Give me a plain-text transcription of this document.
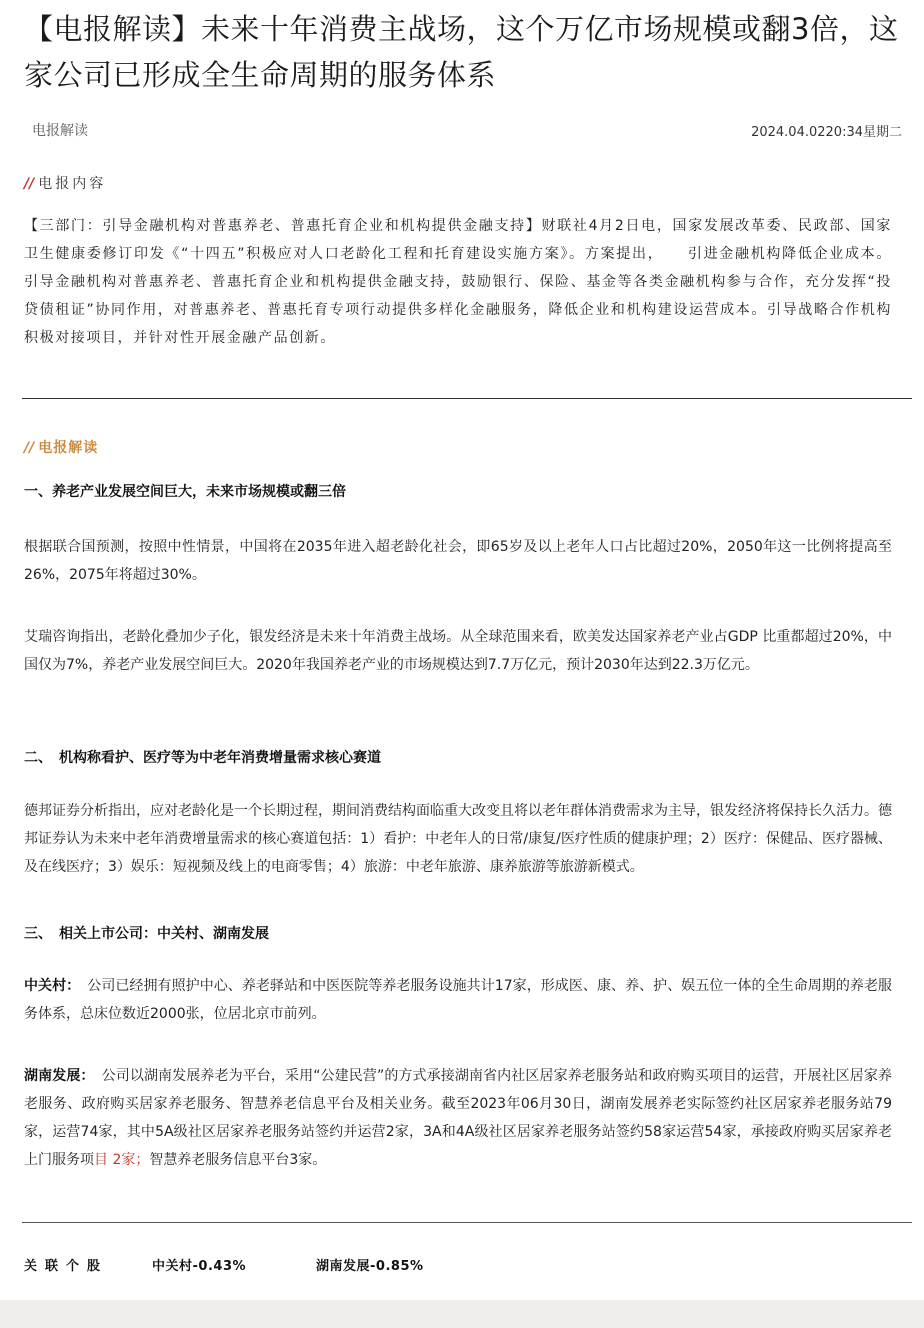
【电报解读】未来十年消费主战场，这个万亿市场规模或翻3倍，这家公司已形成全生命周期的服务体系
电报解读	2024.04.0220:34星期二
// 电报内容

【三部门：引导金融机构对普惠养老、普惠托育企业和机构提供金融支持】财联社4月2日电，国家发展改革委、民政部、国家卫生健康委修订印发《“十四五”积极应对人口老龄化工程和托育建设实施方案》。方案提出，　　引进金融机构降低企业成本。引导金融机构对普惠养老、普惠托育企业和机构提供金融支持，鼓励银行、保险、基金等各类金融机构参与合作，充分发挥“投贷债租证”协同作用，对普惠养老、普惠托育专项行动提供多样化金融服务，降低企业和机构建设运营成本。引导战略合作机构积极对接项目，并针对性开展金融产品创新。

// 电报解读
一、养老产业发展空间巨大，未来市场规模或翻三倍

根据联合国预测，按照中性情景，中国将在2035年进入超老龄化社会，即65岁及以上老年人口占比超过20%，2050年这一比例将提高至26%，2075年将超过30%。

艾瑞咨询指出，老龄化叠加少子化，银发经济是未来十年消费主战场。从全球范围来看，欧美发达国家养老产业占GDP 比重都超过20%，中国仅为7%，养老产业发展空间巨大。2020年我国养老产业的市场规模达到7.7万亿元，预计2030年达到22.3万亿元。

二、　机构称看护、医疗等为中老年消费增量需求核心赛道

德邦证券分析指出，应对老龄化是一个长期过程，期间消费结构面临重大改变且将以老年群体消费需求为主导，银发经济将保持长久活力。德邦证券认为未来中老年消费增量需求的核心赛道包括：1）看护：中老年人的日常/康复/医疗性质的健康护理；2）医疗：保健品、医疗器械、及在线医疗；3）娱乐：短视频及线上的电商零售；4）旅游：中老年旅游、康养旅游等旅游新模式。

三、　相关上市公司：中关村、湖南发展

中关村：　公司已经拥有照护中心、养老驿站和中医医院等养老服务设施共计17家，形成医、康、养、护、娱五位一体的全生命周期的养老服务体系，总床位数近2000张，位居北京市前列。

湖南发展：　公司以湖南发展养老为平台，采用“公建民营”的方式承接湖南省内社区居家养老服务站和政府购买项目的运营，开展社区居家养老服务、政府购买居家养老服务、智慧养老信息平台及相关业务。截至2023年06月30日，湖南发展养老实际签约社区居家养老服务站79家，运营74家，其中5A级社区居家养老服务站签约并运营2家，3A和4A级社区居家养老服务站签约58家运营54家，承接政府购买居家养老上门服务项目 2家；智慧养老服务信息平台3家。

关联个股	中关村-0.43%	湖南发展-0.85%
